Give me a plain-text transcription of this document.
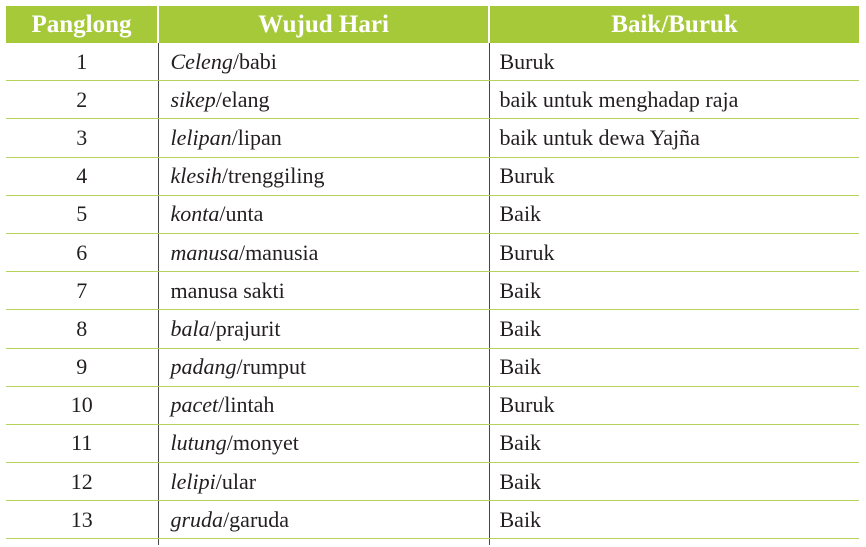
Panglong	Wujud Hari	Baik/Buruk
1	Celeng/babi	Buruk
2	sikep/elang	baik untuk menghadap raja
3	lelipan/lipan	baik untuk dewa Yajña
4	klesih/trenggiling	Buruk
5	konta/unta	Baik
6	manusa/manusia	Buruk
7	manusa sakti	Baik
8	bala/prajurit	Baik
9	padang/rumput	Baik
10	pacet/lintah	Buruk
11	lutung/monyet	Baik
12	lelipi/ular	Baik
13	gruda/garuda	Baik
